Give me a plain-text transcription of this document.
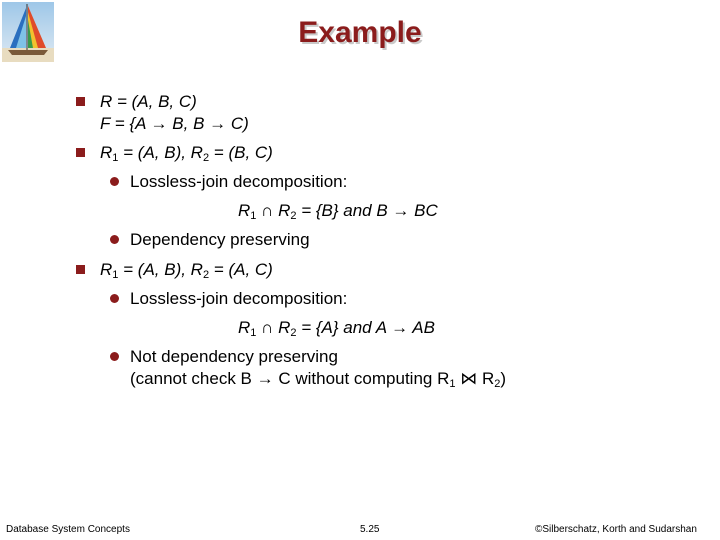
Example
R = (A, B, C)
F = {A → B, B → C)
$R_1 = (A$, B), $R_2 = (B$, C)
Lossless-join decomposition:
$R_1$ ∩ $R_2 = \{B\}$ and B → BC
Dependency preserving
$R_1 = (A$, B), $R_2 = (A$, C)
Lossless-join decomposition:
$R_1$ ∩ $R_2 = \{A\}$ and A → AB
Not dependency preserving
(cannot check B → C without computing $R_1$ ⋈ $R_2$)
Database System Concepts	5.25	©Silberschatz, Korth and Sudarshan
